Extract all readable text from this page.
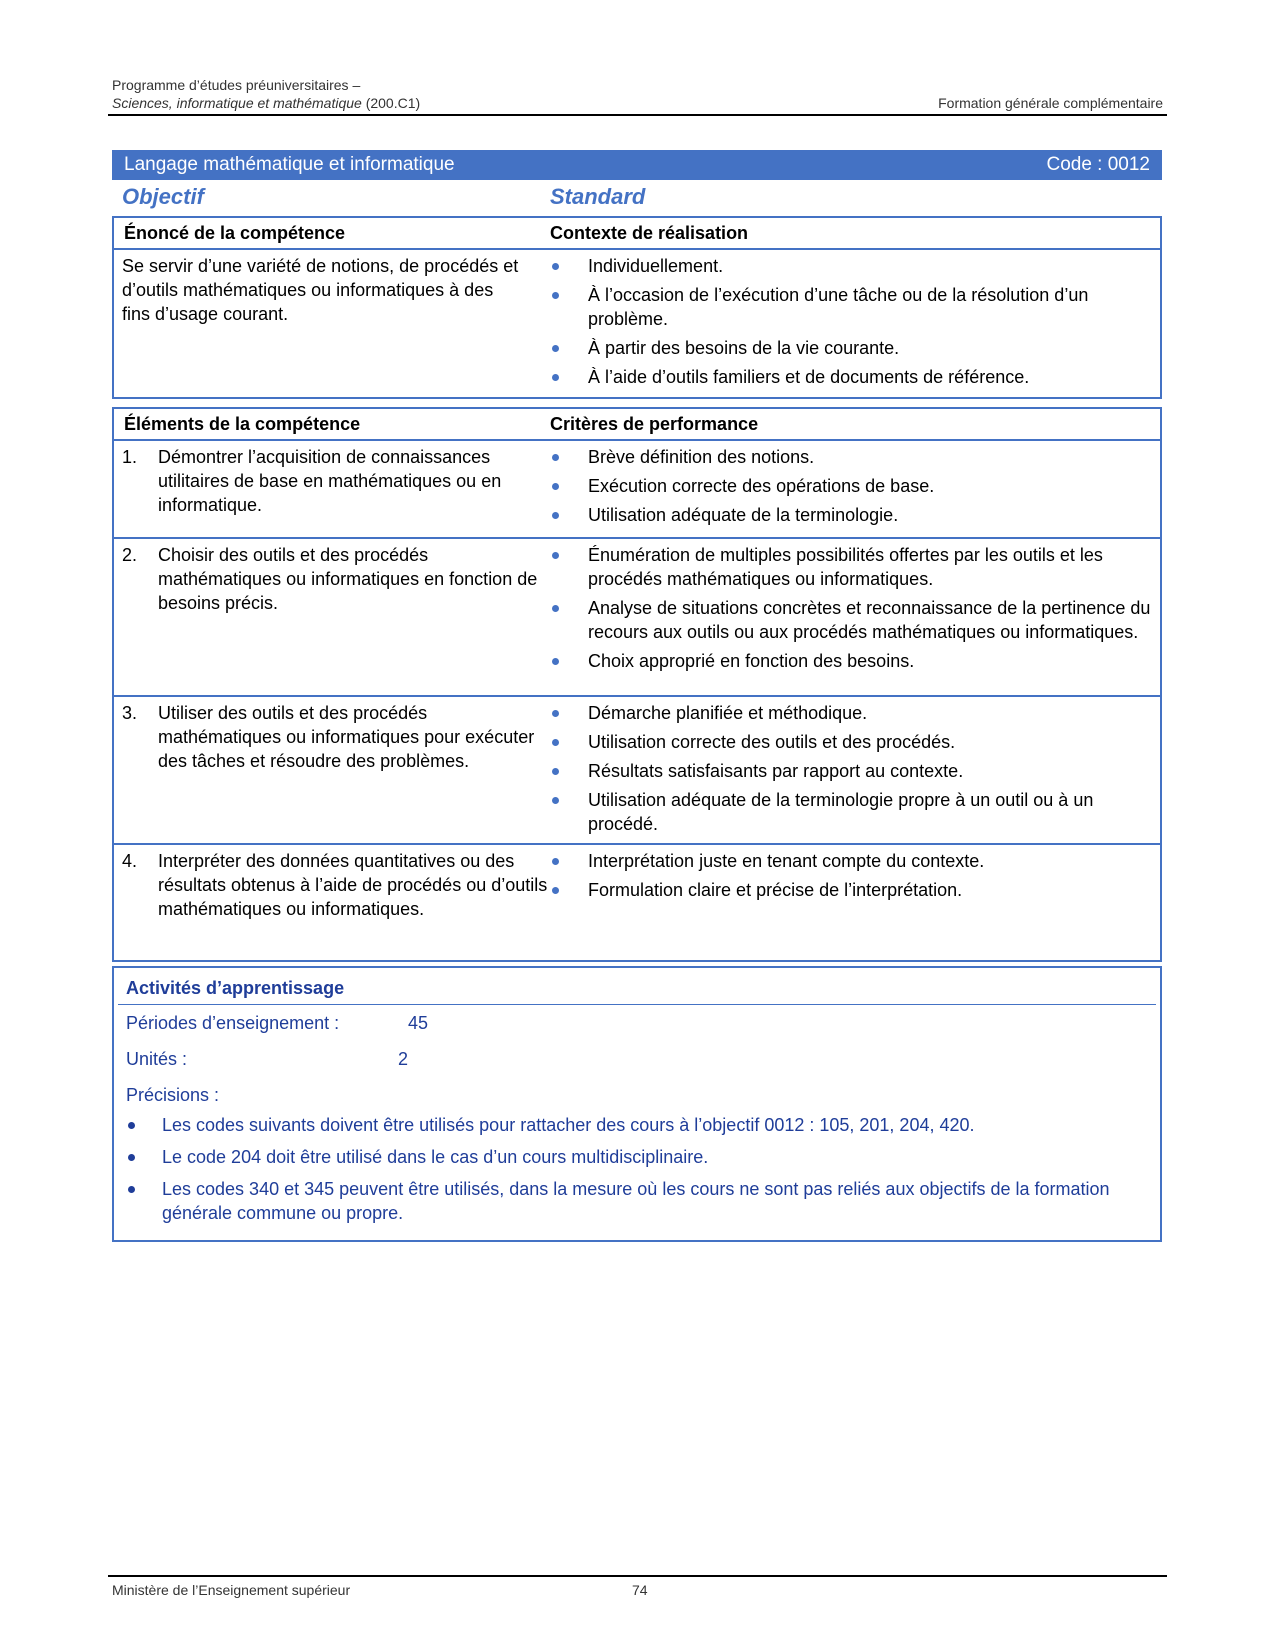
Programme d’études préuniversitaires –
Sciences, informatique et mathématique (200.C1)	Formation générale complémentaire
Langage mathématique et informatique	Code : 0012
Objectif	Standard
Énoncé de la compétence	Contexte de réalisation
Se servir d’une variété de notions, de procédés et d’outils mathématiques ou informatiques à des fins d’usage courant.
Individuellement.
À l’occasion de l’exécution d’une tâche ou de la résolution d’un problème.
À partir des besoins de la vie courante.
À l’aide d’outils familiers et de documents de référence.
Éléments de la compétence	Critères de performance
1. Démontrer l’acquisition de connaissances utilitaires de base en mathématiques ou en informatique.
Brève définition des notions.
Exécution correcte des opérations de base.
Utilisation adéquate de la terminologie.
2. Choisir des outils et des procédés mathématiques ou informatiques en fonction de besoins précis.
Énumération de multiples possibilités offertes par les outils et les procédés mathématiques ou informatiques.
Analyse de situations concrètes et reconnaissance de la pertinence du recours aux outils ou aux procédés mathématiques ou informatiques.
Choix approprié en fonction des besoins.
3. Utiliser des outils et des procédés mathématiques ou informatiques pour exécuter des tâches et résoudre des problèmes.
Démarche planifiée et méthodique.
Utilisation correcte des outils et des procédés.
Résultats satisfaisants par rapport au contexte.
Utilisation adéquate de la terminologie propre à un outil ou à un procédé.
4. Interpréter des données quantitatives ou des résultats obtenus à l’aide de procédés ou d’outils mathématiques ou informatiques.
Interprétation juste en tenant compte du contexte.
Formulation claire et précise de l’interprétation.
Activités d’apprentissage
Périodes d’enseignement :	45
Unités :	2
Précisions :
Les codes suivants doivent être utilisés pour rattacher des cours à l’objectif 0012 : 105, 201, 204, 420.
Le code 204 doit être utilisé dans le cas d’un cours multidisciplinaire.
Les codes 340 et 345 peuvent être utilisés, dans la mesure où les cours ne sont pas reliés aux objectifs de la formation générale commune ou propre.
Ministère de l’Enseignement supérieur	74
